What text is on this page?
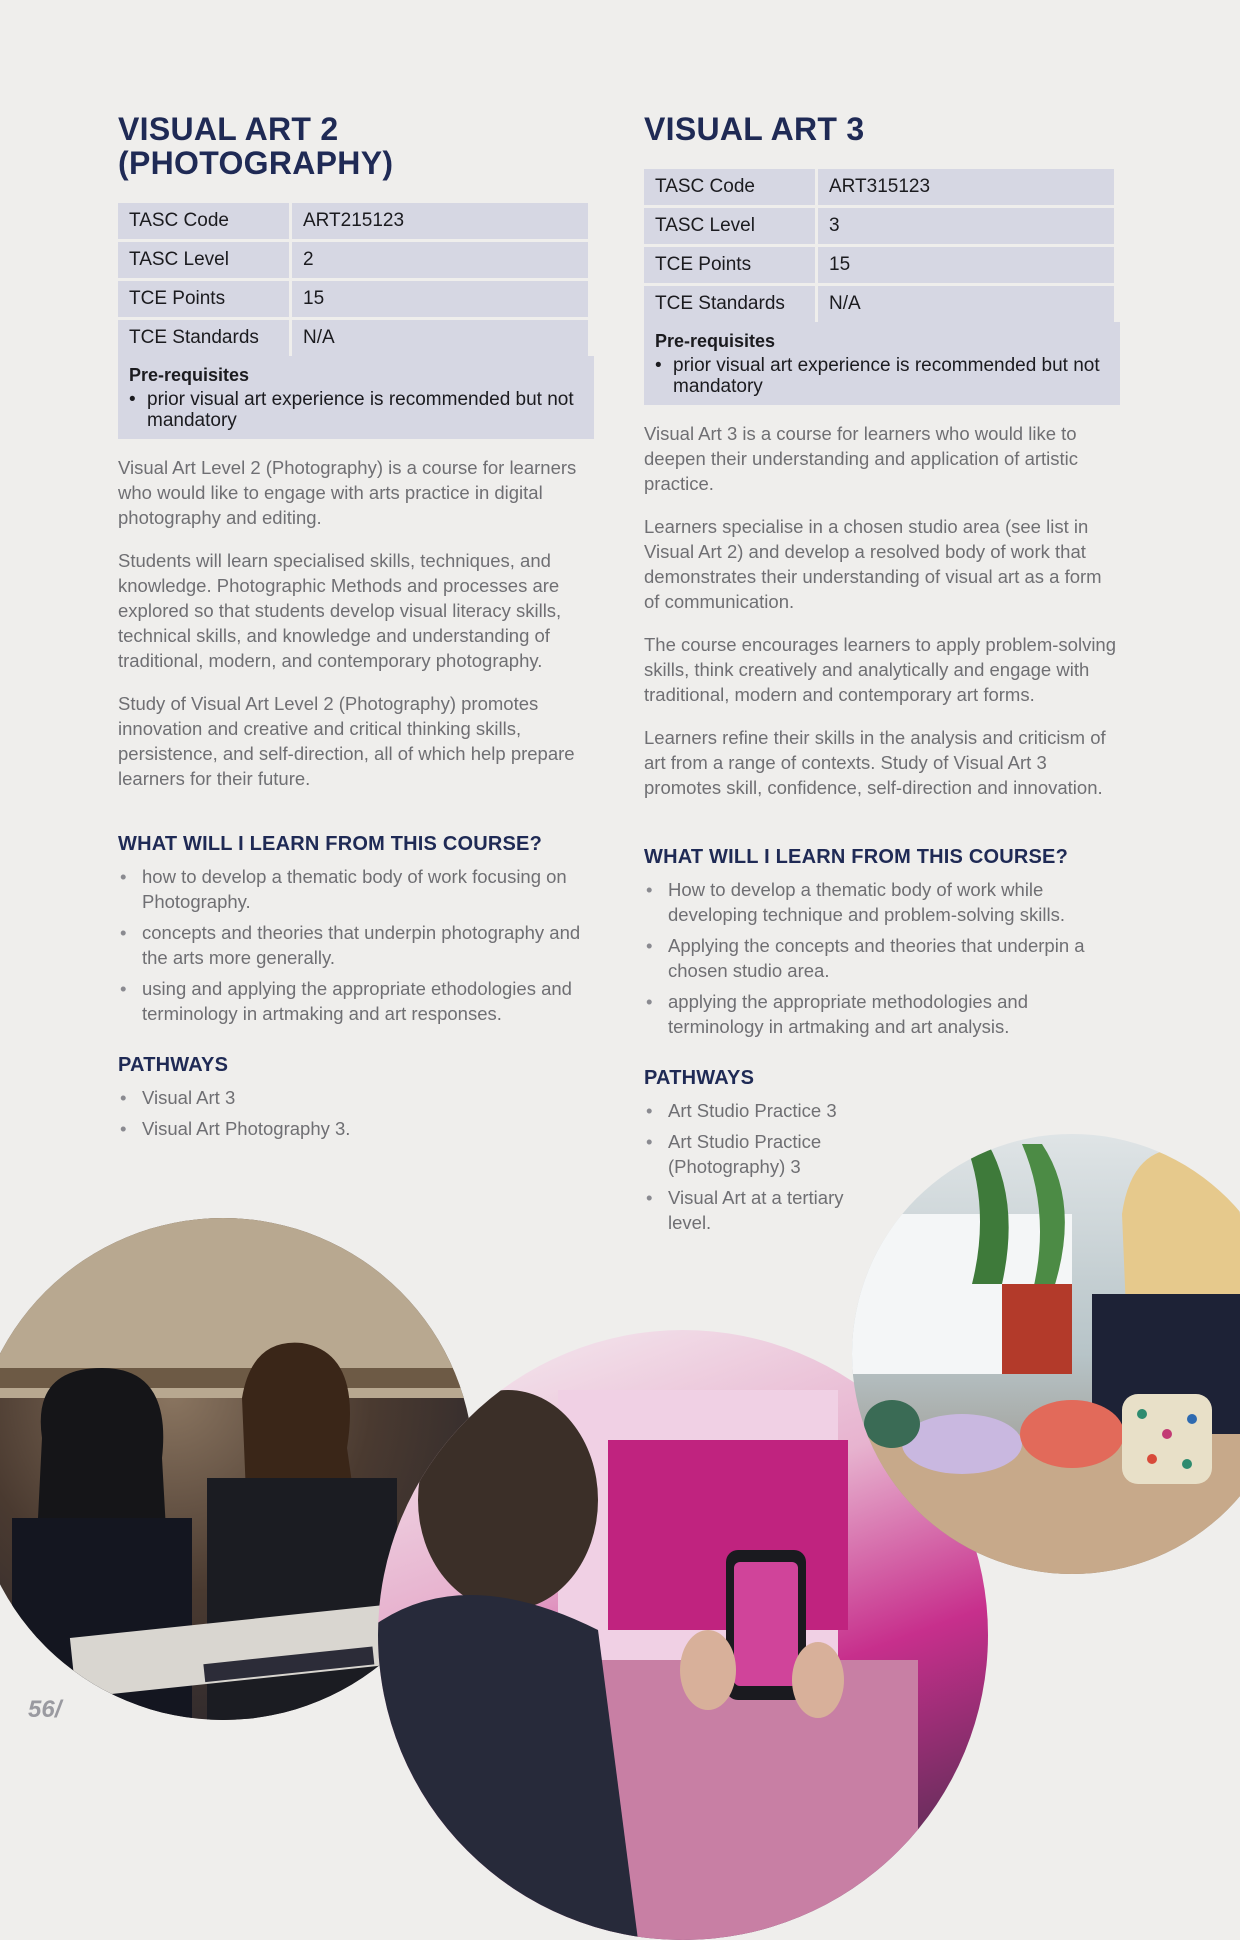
VISUAL ART 2 (PHOTOGRAPHY)
TASC Code	ART215123
TASC Level	2
TCE Points	15
TCE Standards	N/A
Pre-requisites
• prior visual art experience is recommended but not mandatory

Visual Art Level 2 (Photography) is a course for learners who would like to engage with arts practice in digital photography and editing.

Students will learn specialised skills, techniques, and knowledge. Photographic Methods and processes are explored so that students develop visual literacy skills, technical skills, and knowledge and understanding of traditional, modern, and contemporary photography.

Study of Visual Art Level 2 (Photography) promotes innovation and creative and critical thinking skills, persistence, and self-direction, all of which help prepare learners for their future.

WHAT WILL I LEARN FROM THIS COURSE?
• how to develop a thematic body of work focusing on Photography.
• concepts and theories that underpin photography and the arts more generally.
• using and applying the appropriate ethodologies and terminology in artmaking and art responses.
PATHWAYS
• Visual Art 3
• Visual Art Photography 3.
VISUAL ART 3
TASC Code	ART315123
TASC Level	3
TCE Points	15
TCE Standards	N/A
Pre-requisites
• prior visual art experience is recommended but not mandatory

Visual Art 3 is a course for learners who would like to deepen their understanding and application of artistic practice.

Learners specialise in a chosen studio area (see list in Visual Art 2) and develop a resolved body of work that demonstrates their understanding of visual art as a form of communication.

The course encourages learners to apply problem-solving skills, think creatively and analytically and engage with traditional, modern and contemporary art forms.

Learners refine their skills in the analysis and criticism of art from a range of contexts. Study of Visual Art 3 promotes skill, confidence, self-direction and innovation.

WHAT WILL I LEARN FROM THIS COURSE?
• How to develop a thematic body of work while developing technique and problem-solving skills.
• Applying the concepts and theories that underpin a chosen studio area.
• applying the appropriate methodologies and terminology in artmaking and art analysis.
PATHWAYS
• Art Studio Practice 3
• Art Studio Practice (Photography) 3
• Visual Art at a tertiary level.
56/
